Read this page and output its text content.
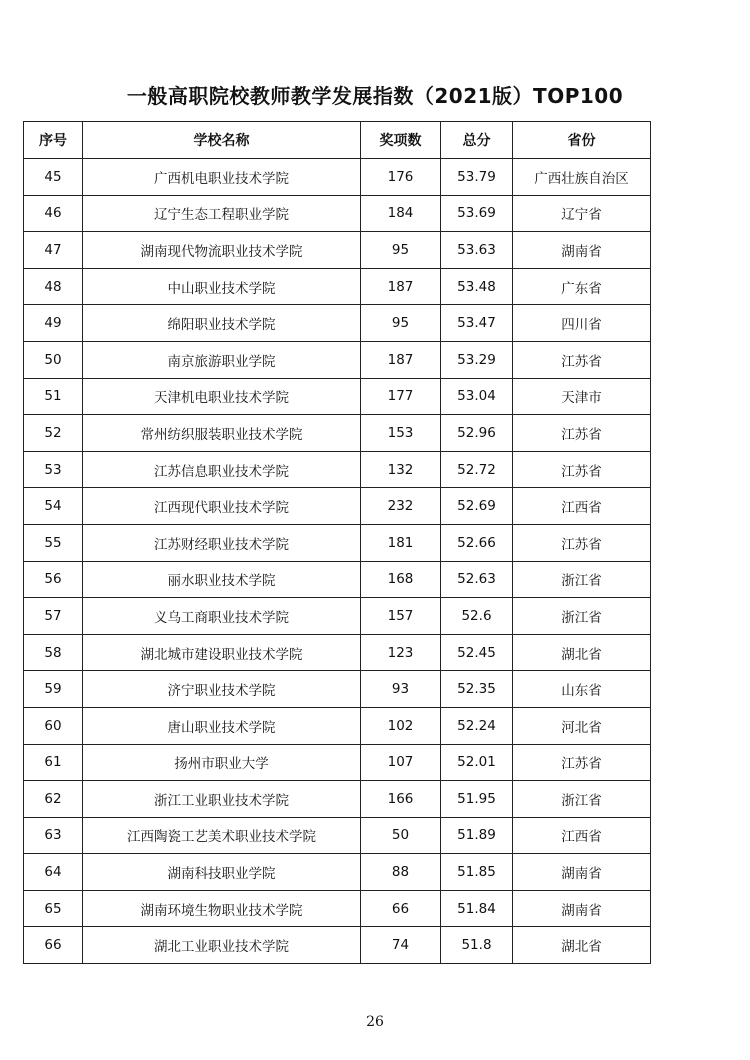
一般高职院校教师教学发展指数（2021版）TOP100
序号	学校名称	奖项数	总分	省份
45	广西机电职业技术学院	176	53.79	广西壮族自治区
46	辽宁生态工程职业学院	184	53.69	辽宁省
47	湖南现代物流职业技术学院	95	53.63	湖南省
48	中山职业技术学院	187	53.48	广东省
49	绵阳职业技术学院	95	53.47	四川省
50	南京旅游职业学院	187	53.29	江苏省
51	天津机电职业技术学院	177	53.04	天津市
52	常州纺织服装职业技术学院	153	52.96	江苏省
53	江苏信息职业技术学院	132	52.72	江苏省
54	江西现代职业技术学院	232	52.69	江西省
55	江苏财经职业技术学院	181	52.66	江苏省
56	丽水职业技术学院	168	52.63	浙江省
57	义乌工商职业技术学院	157	52.6	浙江省
58	湖北城市建设职业技术学院	123	52.45	湖北省
59	济宁职业技术学院	93	52.35	山东省
60	唐山职业技术学院	102	52.24	河北省
61	扬州市职业大学	107	52.01	江苏省
62	浙江工业职业技术学院	166	51.95	浙江省
63	江西陶瓷工艺美术职业技术学院	50	51.89	江西省
64	湖南科技职业学院	88	51.85	湖南省
65	湖南环境生物职业技术学院	66	51.84	湖南省
66	湖北工业职业技术学院	74	51.8	湖北省
26
